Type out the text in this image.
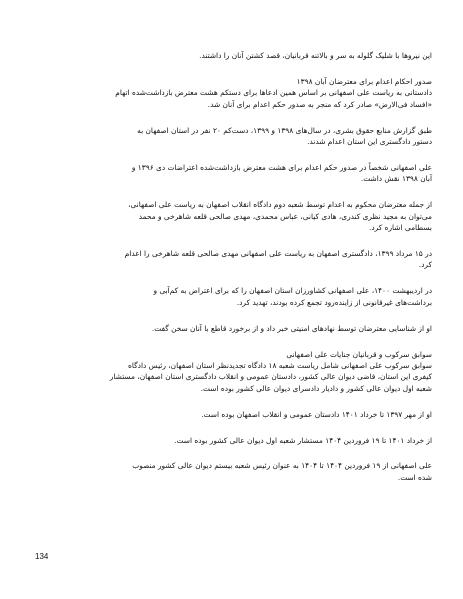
این نیروها با شلیک گلوله به سر و بالاتنه قربانیان، قصد کشتن آنان را داشتند.

صدور احکام اعدام برای معترضان آبان ۱۳۹۸
دادستانی به ریاست علی اصفهانی بر اساس همین ادعاها برای دستکم هشت معترض بازداشت‌شده اتهام
«افساد فی‌الارض» صادر کرد که منجر به صدور حکم اعدام برای آنان شد.

طبق گزارش منابع حقوق بشری، در سال‌های ۱۳۹۸ و ۱۳۹۹، دست‌کم ۲۰ نفر در استان اصفهان به
دستور دادگستری این استان اعدام شدند.

علی اصفهانی شخصاً در صدور حکم اعدام برای هشت معترض بازداشت‌شده اعتراضات دی ۱۳۹۶ و
آبان ۱۳۹۸ نقش داشت.

از جمله معترضان محکوم به اعدام توسط شعبه دوم دادگاه انقلاب اصفهان به ریاست علی اصفهانی،
می‌توان به مجید نظری کندری، هادی کیانی، عباس محمدی، مهدی صالحی قلعه شاهرخی و محمد
بسطامی اشاره کرد.

در ۱۵ مرداد ۱۳۹۹، دادگستری اصفهان به ریاست علی اصفهانی مهدی صالحی قلعه شاهرخی را اعدام
کرد.

در اردیبهشت ۱۴۰۰، علی اصفهانی کشاورزان استان اصفهان را که برای اعتراض به کم‌آبی و
برداشت‌های غیرقانونی از زاینده‌رود تجمع کرده بودند، تهدید کرد.

او از شناسایی معترضان توسط نهادهای امنیتی خبر داد و از برخورد قاطع با آنان سخن گفت.

سوابق سرکوب و قربانیان جنایات علی اصفهانی
سوابق سرکوب علی اصفهانی شامل ریاست شعبه ۱۸ دادگاه تجدیدنظر استان اصفهان، رئیس دادگاه
کیفری این استان، قاضی دیوان عالی کشور، دادستان عمومی و انقلاب دادگستری استان اصفهان، مستشار
شعبه اول دیوان عالی کشور و دادیار دادسرای دیوان عالی کشور بوده است.

او از مهر ۱۳۹۷ تا خرداد ۱۴۰۱ دادستان عمومی و انقلاب اصفهان بوده است.

از خرداد ۱۴۰۱ تا ۱۹ فروردین ۱۴۰۴ مستشار شعبه اول دیوان عالی کشور بوده است.

علی اصفهانی از ۱۹ فروردین ۱۴۰۴ تا ۱۴۰۴ به عنوان رئیس شعبه بیستم دیوان عالی کشور منصوب
شده است.

134
